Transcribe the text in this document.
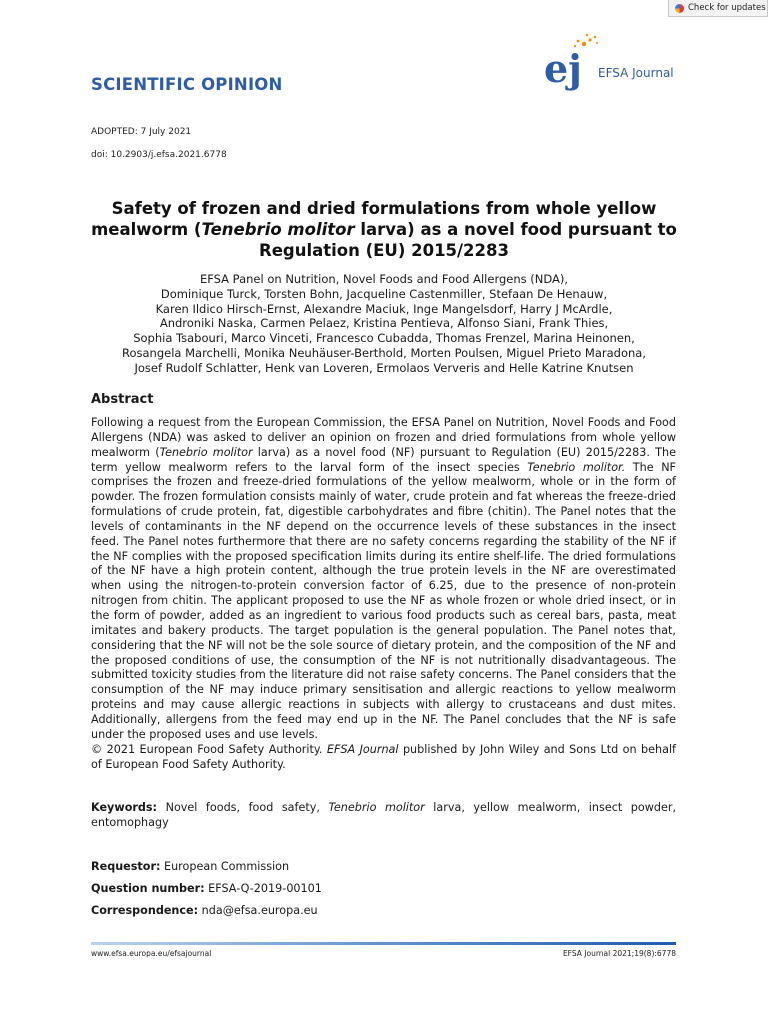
Check for updates
SCIENTIFIC OPINION	ej EFSA Journal
ADOPTED: 7 July 2021
doi: 10.2903/j.efsa.2021.6778
Safety of frozen and dried formulations from whole yellow mealworm (Tenebrio molitor larva) as a novel food pursuant to Regulation (EU) 2015/2283
EFSA Panel on Nutrition, Novel Foods and Food Allergens (NDA),
Dominique Turck, Torsten Bohn, Jacqueline Castenmiller, Stefaan De Henauw,
Karen Ildico Hirsch-Ernst, Alexandre Maciuk, Inge Mangelsdorf, Harry J McArdle,
Androniki Naska, Carmen Pelaez, Kristina Pentieva, Alfonso Siani, Frank Thies,
Sophia Tsabouri, Marco Vinceti, Francesco Cubadda, Thomas Frenzel, Marina Heinonen,
Rosangela Marchelli, Monika Neuhäuser-Berthold, Morten Poulsen, Miguel Prieto Maradona,
Josef Rudolf Schlatter, Henk van Loveren, Ermolaos Ververis and Helle Katrine Knutsen
Abstract
Following a request from the European Commission, the EFSA Panel on Nutrition, Novel Foods and Food Allergens (NDA) was asked to deliver an opinion on frozen and dried formulations from whole yellow mealworm (Tenebrio molitor larva) as a novel food (NF) pursuant to Regulation (EU) 2015/2283. The term yellow mealworm refers to the larval form of the insect species Tenebrio molitor. The NF comprises the frozen and freeze-dried formulations of the yellow mealworm, whole or in the form of powder. The frozen formulation consists mainly of water, crude protein and fat whereas the freeze-dried formulations of crude protein, fat, digestible carbohydrates and fibre (chitin). The Panel notes that the levels of contaminants in the NF depend on the occurrence levels of these substances in the insect feed. The Panel notes furthermore that there are no safety concerns regarding the stability of the NF if the NF complies with the proposed specification limits during its entire shelf-life. The dried formulations of the NF have a high protein content, although the true protein levels in the NF are overestimated when using the nitrogen-to-protein conversion factor of 6.25, due to the presence of non-protein nitrogen from chitin. The applicant proposed to use the NF as whole frozen or whole dried insect, or in the form of powder, added as an ingredient to various food products such as cereal bars, pasta, meat imitates and bakery products. The target population is the general population. The Panel notes that, considering that the NF will not be the sole source of dietary protein, and the composition of the NF and the proposed conditions of use, the consumption of the NF is not nutritionally disadvantageous. The submitted toxicity studies from the literature did not raise safety concerns. The Panel considers that the consumption of the NF may induce primary sensitisation and allergic reactions to yellow mealworm proteins and may cause allergic reactions in subjects with allergy to crustaceans and dust mites. Additionally, allergens from the feed may end up in the NF. The Panel concludes that the NF is safe under the proposed uses and use levels.
© 2021 European Food Safety Authority. EFSA Journal published by John Wiley and Sons Ltd on behalf of European Food Safety Authority.
Keywords: Novel foods, food safety, Tenebrio molitor larva, yellow mealworm, insect powder, entomophagy
Requestor: European Commission
Question number: EFSA-Q-2019-00101
Correspondence: nda@efsa.europa.eu
www.efsa.europa.eu/efsajournal	EFSA Journal 2021;19(8):6778
